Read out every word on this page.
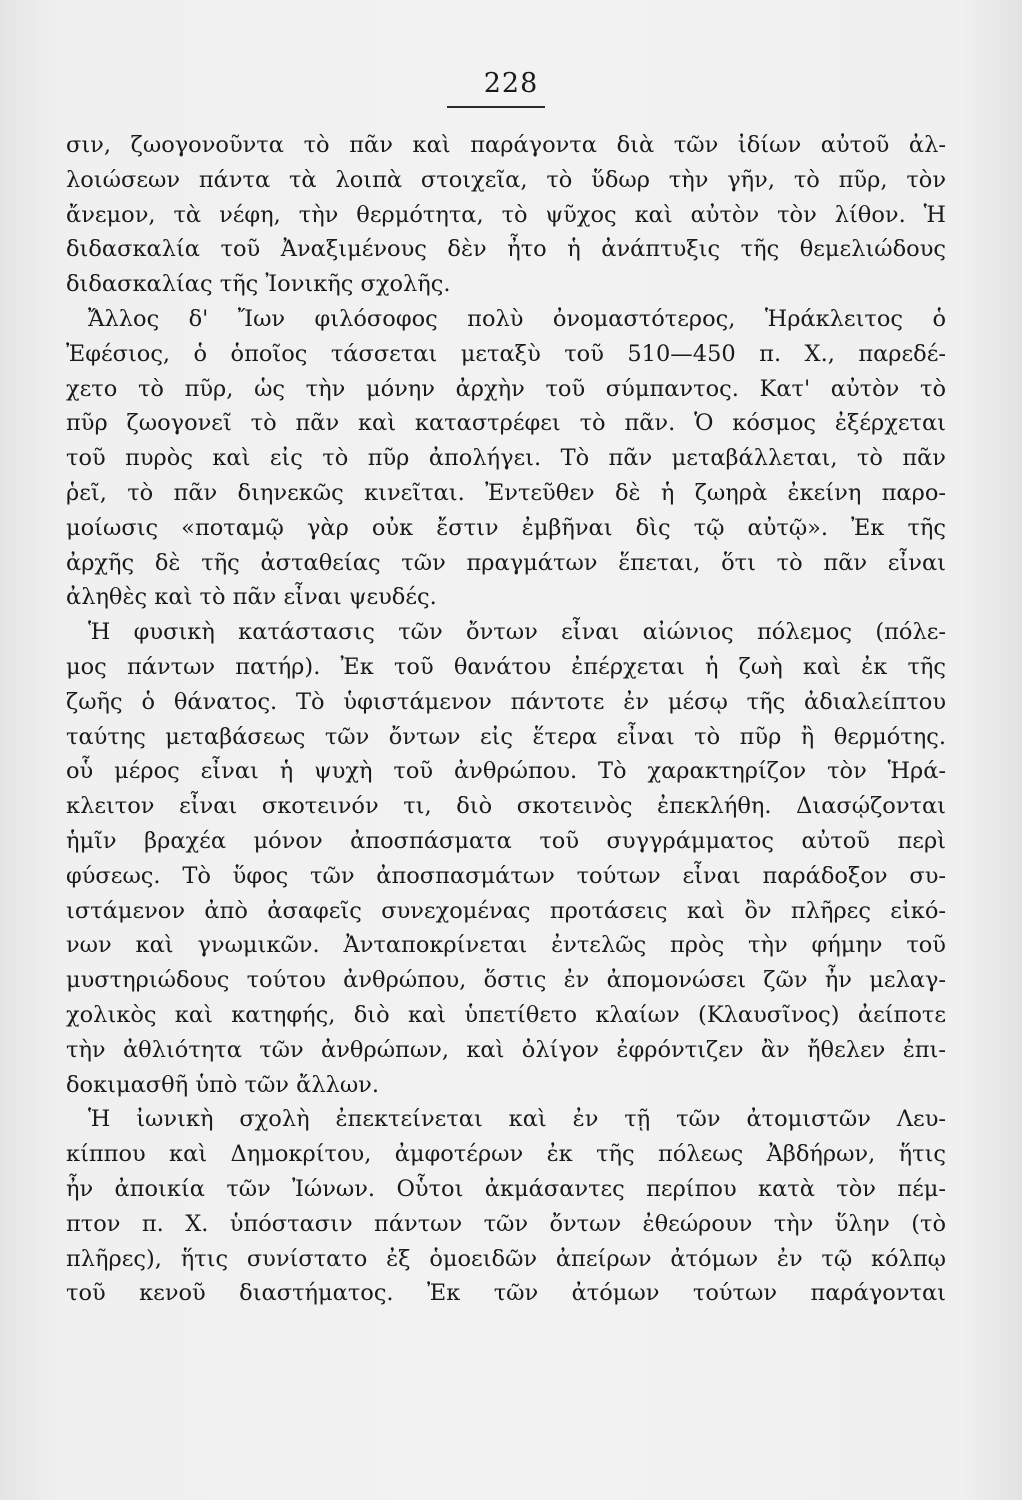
228
σιν, ζωογονοῦντα τὸ πᾶν καὶ παράγοντα διὰ τῶν ἰδίων αὐτοῦ ἀλ-
λοιώσεων πάντα τὰ λοιπὰ στοιχεῖα, τὸ ὕδωρ τὴν γῆν, τὸ πῦρ, τὸν
ἄνεμον, τὰ νέφη, τὴν θερμότητα, τὸ ψῦχος καὶ αὐτὸν τὸν λίθον. Ἡ
διδασκαλία τοῦ Ἀναξιμένους δὲν ἦτο ἡ ἀνάπτυξις τῆς θεμελιώδους
διδασκαλίας τῆς Ἰονικῆς σχολῆς.
Ἄλλος δ' Ἴων φιλόσοφος πολὺ ὀνομαστότερος, Ἡράκλειτος ὁ
Ἐφέσιος, ὁ ὁποῖος τάσσεται μεταξὺ τοῦ 510—450 π. Χ., παρεδέ-
χετο τὸ πῦρ, ὡς τὴν μόνην ἀρχὴν τοῦ σύμπαντος. Κατ' αὐτὸν τὸ
πῦρ ζωογονεῖ τὸ πᾶν καὶ καταστρέφει τὸ πᾶν. Ὁ κόσμος ἐξέρχεται
τοῦ πυρὸς καὶ εἰς τὸ πῦρ ἀπολήγει. Τὸ πᾶν μεταβάλλεται, τὸ πᾶν
ῥεῖ, τὸ πᾶν διηνεκῶς κινεῖται. Ἐντεῦθεν δὲ ἡ ζωηρὰ ἐκείνη παρο-
μοίωσις «ποταμῷ γὰρ οὐκ ἔστιν ἐμβῆναι δὶς τῷ αὐτῷ». Ἐκ τῆς
ἀρχῆς δὲ τῆς ἀσταθείας τῶν πραγμάτων ἕπεται, ὅτι τὸ πᾶν εἶναι
ἀληθὲς καὶ τὸ πᾶν εἶναι ψευδές.
Ἡ φυσικὴ κατάστασις τῶν ὄντων εἶναι αἰώνιος πόλεμος (πόλε-
μος πάντων πατήρ). Ἐκ τοῦ θανάτου ἐπέρχεται ἡ ζωὴ καὶ ἐκ τῆς
ζωῆς ὁ θάνατος. Τὸ ὑφιστάμενον πάντοτε ἐν μέσῳ τῆς ἀδιαλείπτου
ταύτης μεταβάσεως τῶν ὄντων εἰς ἕτερα εἶναι τὸ πῦρ ἢ θερμότης.
οὗ μέρος εἶναι ἡ ψυχὴ τοῦ ἀνθρώπου. Τὸ χαρακτηρίζον τὸν Ἡρά-
κλειτον εἶναι σκοτεινόν τι, διὸ σκοτεινὸς ἐπεκλήθη. Διασῴζονται
ἡμῖν βραχέα μόνον ἀποσπάσματα τοῦ συγγράμματος αὐτοῦ περὶ
φύσεως. Τὸ ὕφος τῶν ἀποσπασμάτων τούτων εἶναι παράδοξον συ-
ιστάμενον ἀπὸ ἀσαφεῖς συνεχομένας προτάσεις καὶ ὂν πλῆρες εἰκό-
νων καὶ γνωμικῶν. Ἀνταποκρίνεται ἐντελῶς πρὸς τὴν φήμην τοῦ
μυστηριώδους τούτου ἀνθρώπου, ὅστις ἐν ἀπομονώσει ζῶν ἦν μελαγ-
χολικὸς καὶ κατηφής, διὸ καὶ ὑπετίθετο κλαίων (Κλαυσῖνος) ἀείποτε
τὴν ἀθλιότητα τῶν ἀνθρώπων, καὶ ὀλίγον ἐφρόντιζεν ἂν ἤθελεν ἐπι-
δοκιμασθῆ ὑπὸ τῶν ἄλλων.
Ἡ ἰωνικὴ σχολὴ ἐπεκτείνεται καὶ ἐν τῇ τῶν ἀτομιστῶν Λευ-
κίππου καὶ Δημοκρίτου, ἀμφοτέρων ἐκ τῆς πόλεως Ἀβδήρων, ἥτις
ἦν ἀποικία τῶν Ἰώνων. Οὗτοι ἀκμάσαντες περίπου κατὰ τὸν πέμ-
πτον π. Χ. ὑπόστασιν πάντων τῶν ὄντων ἐθεώρουν τὴν ὕλην (τὸ
πλῆρες), ἥτις συνίστατο ἐξ ὁμοειδῶν ἀπείρων ἀτόμων ἐν τῷ κόλπῳ
τοῦ κενοῦ διαστήματος. Ἐκ τῶν ἀτόμων τούτων παράγονται
